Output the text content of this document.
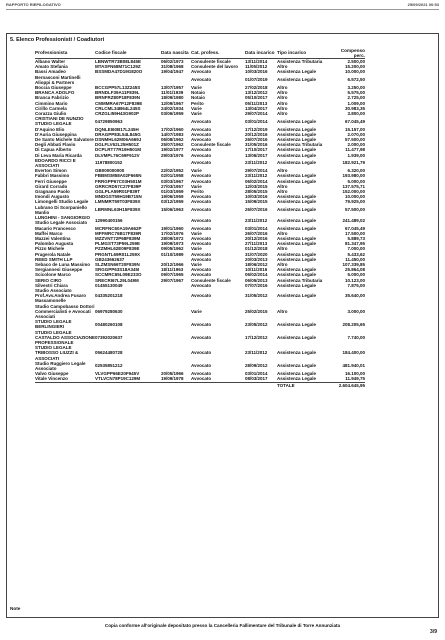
RAPPORTO RIEPILOGATIVO	25/09/2021 00:53
5. Elenco Professionisti / Coadiutori
Professionista	Codice fiscale	Data nascita	Cat. profess.	Data incarico	Tipo incarico	Compenso perc.
Albano Walter	LBNWTR73B08L845E	06/02/1973	Consulente fiscale	13/11/2014	Assistenza Tributaria	2.500,00
Amato Stefania	MTASFN68M71C129Z	31/08/1968	Consulente del lavoro	11/05/2012	Altro	15.200,00
Bassi Amadeo	BSSMDA47D19G820O	19/04/1947	Avvocato	10/03/2016	Assistenza Legale	10.000,00
Bernasconi Martinelli Alioppi & Partners			Avvocato	01/07/2019	Assistenza Legale	6.572,50
Boccia Giuseppe	BCCGPP57L13Z245S	13/07/1957	Varie	27/02/2018	Altro	3.250,00
BRANCA ADOLFO	BRNDLF39A11F839L	11/01/1939	Notaio	13/12/2012	Altro	5.575,00
Branca Fabrizio	BRNFRZ80P18F839N	18/09/1980	Notaio	05/10/2017	Altro	2.725,00
Cimmino Mario	CMMMRA67P12F839E	12/09/1967	Perito	05/11/2013	Altro	1.009,00
Cirillo Carmela	CRLCML34B64L245S	24/02/1934	Varie	13/04/2017	Altro	30.983,35
Corazza Giulio	CRZGLI59H43G902P	03/06/1959	Varie	29/07/2014	Altro	3.800,00
CRISTIANI DE NUNZIO STUDIO LEGALE	04729850963		Avvocato	03/01/2014	Assistenza Legale	67.045,49
D'Aquino Elio	DQNLEI60B17L245H	17/02/1960	Avvocato	17/12/2019	Assistenza Legale	15.157,00
D'Auria Giuseppina	DRAGPP83L54L845G	14/07/1983	Avvocato	20/12/2016	Assistenza Legale	2.070,00
De Santo Michele Salvatore	DSNMHL62M06A669J	06/08/1962	Avvocato	26/07/2016	Assistenza Legale	57.500,00
Degli Abbati Flavio	DGLFLV62L25H501Z	25/07/1962	Consulente fiscale	31/05/2016	Assistenza Tributaria	2.000,00
Di Capua Alberto	DCPLRT77R19H501M	19/02/1977	Avvocato	17/10/2017	Assistenza Legale	11.477,98
Di Leva Maria Ricarda	DLVMPL76C69F912V	29/03/1976	Avvocato	13/06/2017	Assistenza Legale	1.939,00
EDOARDO RICCI E ASSOCIATI	11978800152		Avvocato	23/11/2012	Assistenza Legale	182.921,79
Everton Simon	GB000000000	22/02/1952	Varie	29/07/2014	Altro	6.320,00
Fabbri Massimo	FBBMSM58A02F665N	02/01/1958	Avvocato	23/11/2012	Assistenza Legale	193.980,00
Ferri Giuseppe	FRRGPP67C03H501M	03/03/1967	Avvocato	06/02/2014	Assistenza Legale	5.000,00
Girard Corrado	GRRCRD57C27F839P	27/03/1957	Varie	12/03/2015	Altro	137.575,71
Gragnano Paolo	GGLPLA59R01F839T	01/03/1959	Perito	28/05/2015	Altro	152.000,00
Imondi Augusto	MNDGST59H19B715N	19/06/1959	Avvocato	10/03/2016	Assistenza Legale	10.000,00
Limongelli Studio Legale	LMNMRT59T03F839X	03/12/1959	Avvocato	15/09/2015	Assistenza Legale	79.925,00
Lubrano Di Scorpaniello Manlio	LBRMNL63H15F839X	15/06/1963	Avvocato	26/07/2016	Assistenza Legale	57.500,00
LUNGHINI - SANGIORGIO Studio Legale Associato	12990400156		Avvocato	23/11/2012	Assistenza Legale	241.489,02
Macario Francesco	MCRFNC60A19A662P	19/01/1960	Avvocato	03/01/2014	Assistenza Legale	67.045,49
Maffei Marco	MFFMRC76B17F839R	17/02/1976	Varie	26/07/2016	Altro	17.500,00
Mazzei Valentina	MZZVNT72P68F839M	28/09/1972	Avvocato	20/12/2016	Assistenza Legale	5.889,73
Palombo Augusta	PLMGST73P59L259E	19/09/1973	Avvocato	27/11/2013	Assistenza Legale	81.347,95
Pizzo Michele	PZZMHL62E09F839E	09/05/1962	Varie	01/12/2018	Altro	7.000,00
Pragerola Natale	PRGNTL69R01L259X	01/10/1989	Avvocato	31/07/2020	Assistenza Legale	5.433,62
REED SMITH LLP	GB243662637		Avvocato	20/03/2013	Assistenza Legale	11.450,00
Sebaco de Luna Massimo	SLZMSN66T20F839N	20/12/1966	Varie	18/06/2012	Altro	107.339,85
Sergiannesi Giuseppe	SRGGPP63S18A345I	18/11/1963	Avvocato	10/11/2016	Assistenza Legale	25.864,08
Scicolone Marco	SCCMRC65L09E233O	09/07/1965	Avvocato	06/02/2014	Assistenza Legale	5.000,00
SERIO CIRO	SRECRI67L29L049M	29/07/1967	Consulente fiscale	06/05/2013	Assistenza Tributaria	10.123,00
Silvestri Chiara	01455130049		Avvocato	07/07/2016	Assistenza Legale	7.875,00
Studio Associato Prof.Avv.Andrea Fusaro Massamonelle	04335201218		Avvocato	31/05/2012	Assistenza Legale	35.640,00
Studio Campobasso Dottori Commercialisti e Avvocati Associati	06979280630		Varie	25/02/2015	Altro	3.000,00
STUDIO LEGALE BERLINGIERI	00480260108		Avvocato	23/05/2012	Assistenza Legale	208.205,65
STUDIO LEGALE CASTALDO ASSOCIAZIONE PROFESSIONALE	07392020637		Avvocato	17/12/2012	Assistenza Legale	7.740,00
STUDIO LEGALE TRIBOSSO LIUZZI & ASSOCIATI	05624480728		Avvocato	23/11/2012	Assistenza Legale	184.400,00
Studio Ruggiero Legale Associato	02535851212		Avvocato	28/09/2012	Assistenza Legale	481.940,01
Valvo Giuseppe	VLVGPP66E20F945V	20/05/1966	Avvocato	03/01/2014	Assistenza Legale	16.100,00
Vitale Vincenzo	VTLVCN78P19C129M	19/09/1978	Avvocato	08/03/2017	Assistenza Legale	11.949,75
					TOTALE	2.604.645,95
Note
Copia conforme all'originale depositato presso la Cancelleria Fallimentare del Tribunale di Torre Annunziata
3/9
